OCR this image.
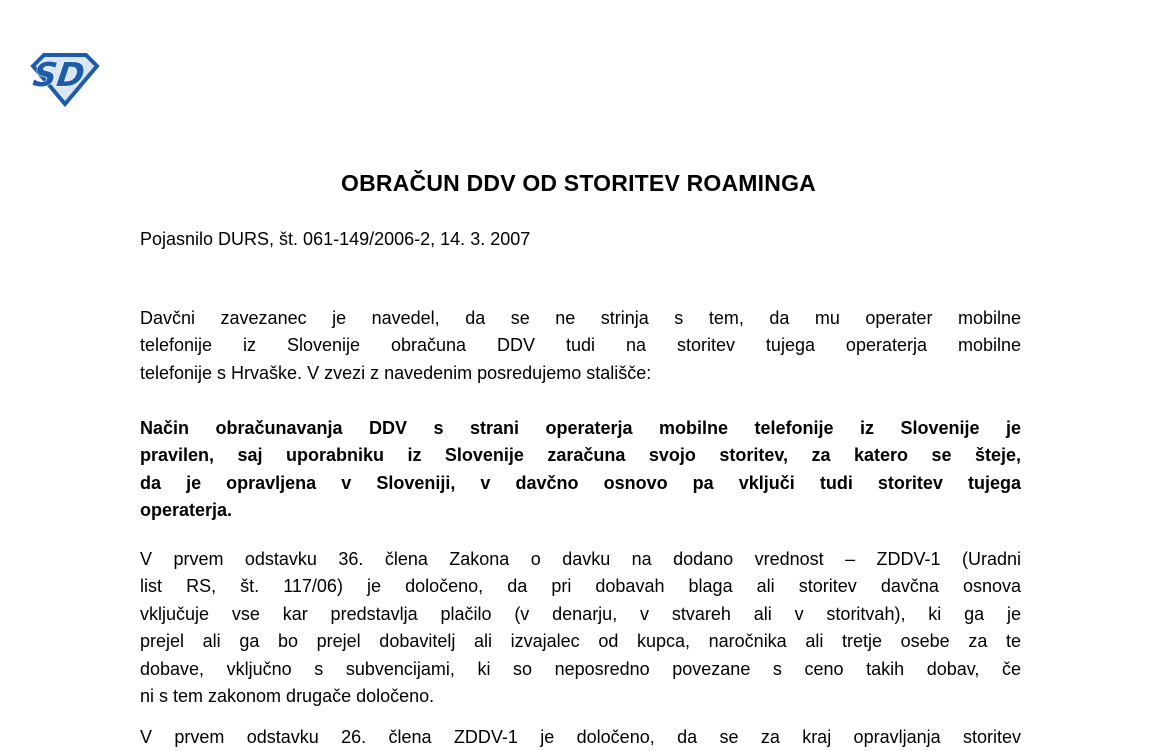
SD
OBRAČUN DDV OD STORITEV ROAMINGA
Pojasnilo DURS, št. 061-149/2006-2, 14. 3. 2007
Davčni zavezanec je navedel, da se ne strinja s tem, da mu operater mobilne
telefonije iz Slovenije obračuna DDV tudi na storitev tujega operaterja mobilne
telefonije s Hrvaške. V zvezi z navedenim posredujemo stališče:
Način obračunavanja DDV s strani operaterja mobilne telefonije iz Slovenije je
pravilen, saj uporabniku iz Slovenije zaračuna svojo storitev, za katero se šteje,
da je opravljena v Sloveniji, v davčno osnovo pa vključi tudi storitev tujega
operaterja.
V prvem odstavku 36. člena Zakona o davku na dodano vrednost – ZDDV-1 (Uradni
list RS, št. 117/06) je določeno, da pri dobavah blaga ali storitev davčna osnova
vključuje vse kar predstavlja plačilo (v denarju, v stvareh ali v storitvah), ki ga je
prejel ali ga bo prejel dobavitelj ali izvajalec od kupca, naročnika ali tretje osebe za te
dobave, vključno s subvencijami, ki so neposredno povezane s ceno takih dobav, če
ni s tem zakonom drugače določeno.
V prvem odstavku 26. člena ZDDV-1 je določeno, da se za kraj opravljanja storitev
